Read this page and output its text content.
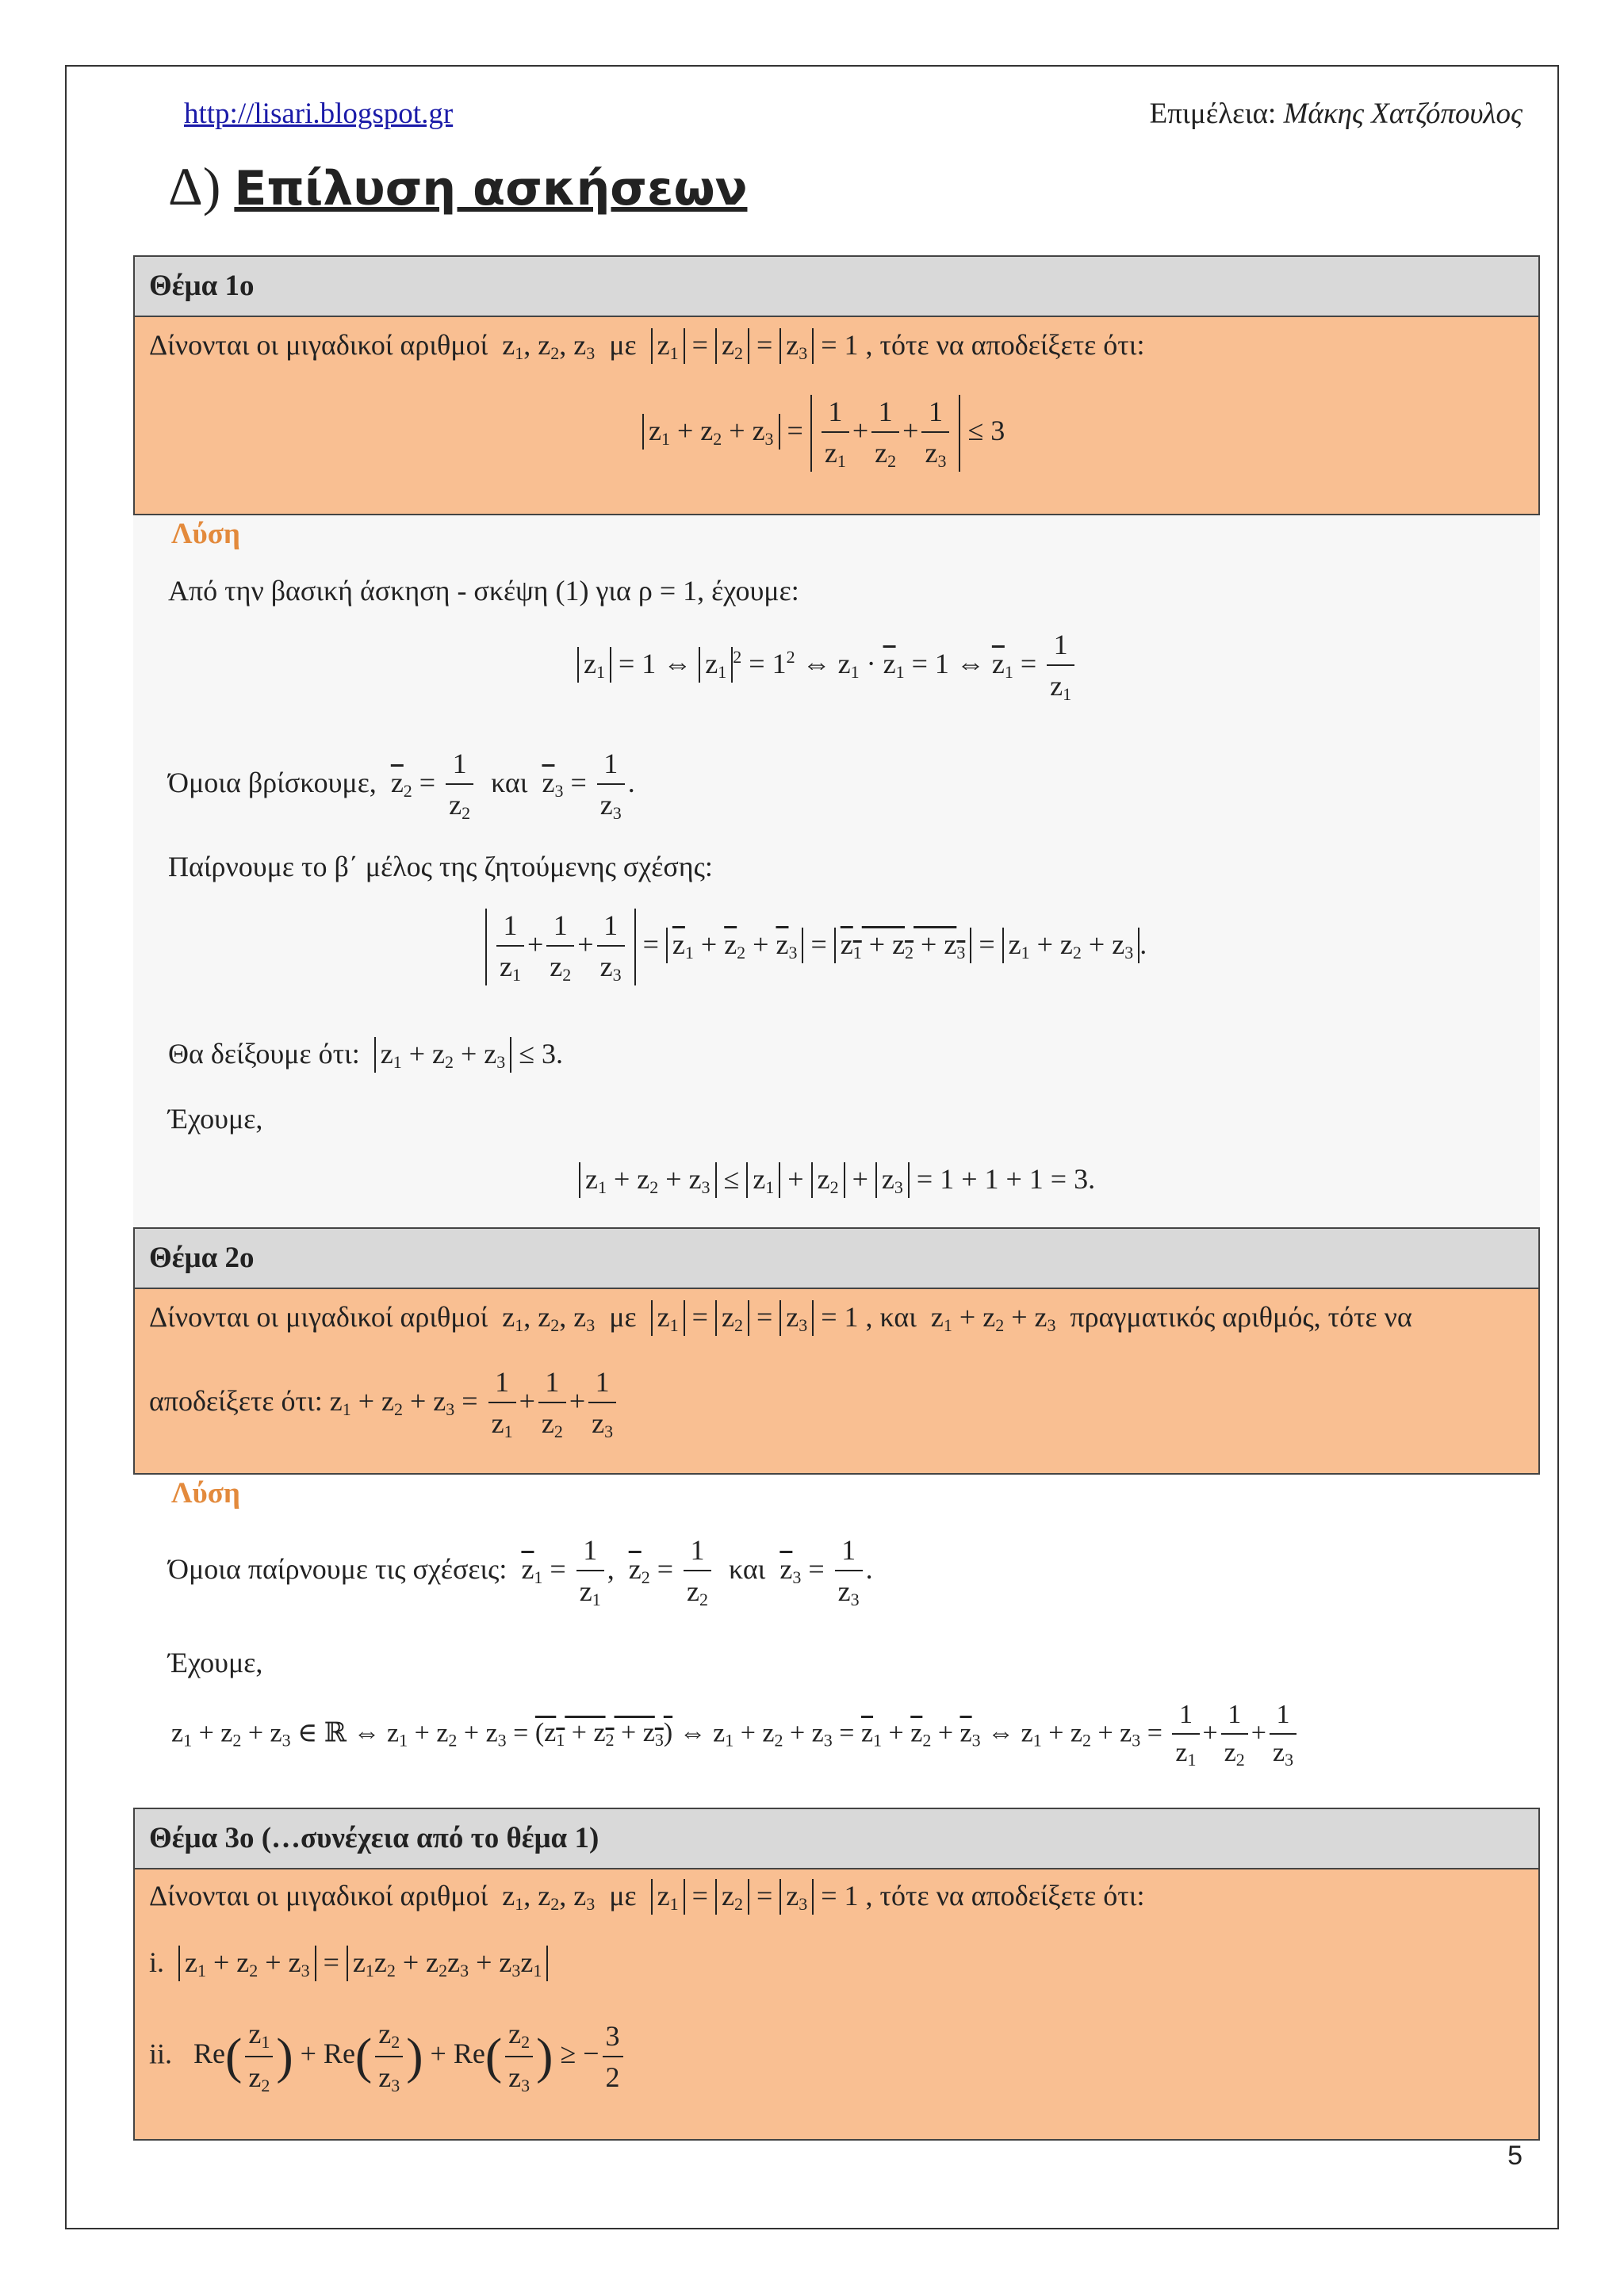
http://lisari.blogspot.gr	Επιμέλεια: Μάκης Χατζόπουλος
Δ) Επίλυση ασκήσεων
Θέμα 1ο
Δίνονται οι μιγαδικοί αριθμοί  $z_1$, $z_2$, $z_3$  με  $z_1 = z_2 = z_3 = 1$ , τότε να αποδείξετε ότι:
$z_1 + z_2 + z_3 = \frac{1}{z_1} + \frac{1}{z_2} + \frac{1}{z_3} \le 3$
Λύση
Από την βασική άσκηση - σκέψη (1) για ρ = 1, έχουμε:
$z_1 = 1$ ⇔ $z_1^2 = 1^2$ ⇔ $z_1 \cdot \overline{z}_1 = 1$ ⇔ $\overline{z}_1 = \frac{1}{z_1}$
Όμοια βρίσκουμε, $\overline{z}_2 = \frac{1}{z_2}$ και $\overline{z}_3 = \frac{1}{z_3}$ .
Παίρνουμε το β΄ μέλος της ζητούμενης σχέσης:
$\frac{1}{z_1} + \frac{1}{z_2} + \frac{1}{z_3} = \overline{z}_1 + \overline{z}_2 + \overline{z}_3 = z_1 + z_2 + z_3 = z_1 + z_2 + z_3$ .
Θα δείξουμε ότι: $z_1 + z_2 + z_3 \le 3$.
Έχουμε,
$z_1 + z_2 + z_3 \le z_1 + z_2 + z_3 = 1 + 1 + 1 = 3$.
Θέμα 2ο
Δίνονται οι μιγαδικοί αριθμοί  $z_1$, $z_2$, $z_3$  με  $z_1 = z_2 = z_3 = 1$ , και  $z_1 + z_2 + z_3$ πραγματικός αριθμός, τότε να
αποδείξετε ότι: $z_1 + z_2 + z_3 = \frac{1}{z_1} + \frac{1}{z_2} + \frac{1}{z_3}$
Λύση
Όμοια παίρνουμε τις σχέσεις: $\overline{z}_1 = \frac{1}{z_1}$ ,  $\overline{z}_2 = \frac{1}{z_2}$ και $\overline{z}_3 = \frac{1}{z_3}$ .
Έχουμε,
$z_1 + z_2 + z_3$ ∈ ℝ ⇔ $z_1 + z_2 + z_3 = (z_1 + z_2 + z_3)$ ⇔ $z_1 + z_2 + z_3 = \overline{z}_1 + \overline{z}_2 + \overline{z}_3$ ⇔ $z_1 + z_2 + z_3 = \frac{1}{z_1} + \frac{1}{z_2} + \frac{1}{z_3}$
Θέμα 3ο (…συνέχεια από το θέμα 1)
Δίνονται οι μιγαδικοί αριθμοί  $z_1$, $z_2$, $z_3$  με  $z_1 = z_2 = z_3 = 1$ , τότε να αποδείξετε ότι:
i. $z_1 + z_2 + z_3 = z_1z_2 + z_2z_3 + z_3z_1$
ii.   $Re( \frac{z_1}{z_2}$ ) + $Re( \frac{z_2}{z_3}$ ) + $Re( \frac{z_2}{z_3}$ ) ≥ − $\frac{3}{2}$
5
